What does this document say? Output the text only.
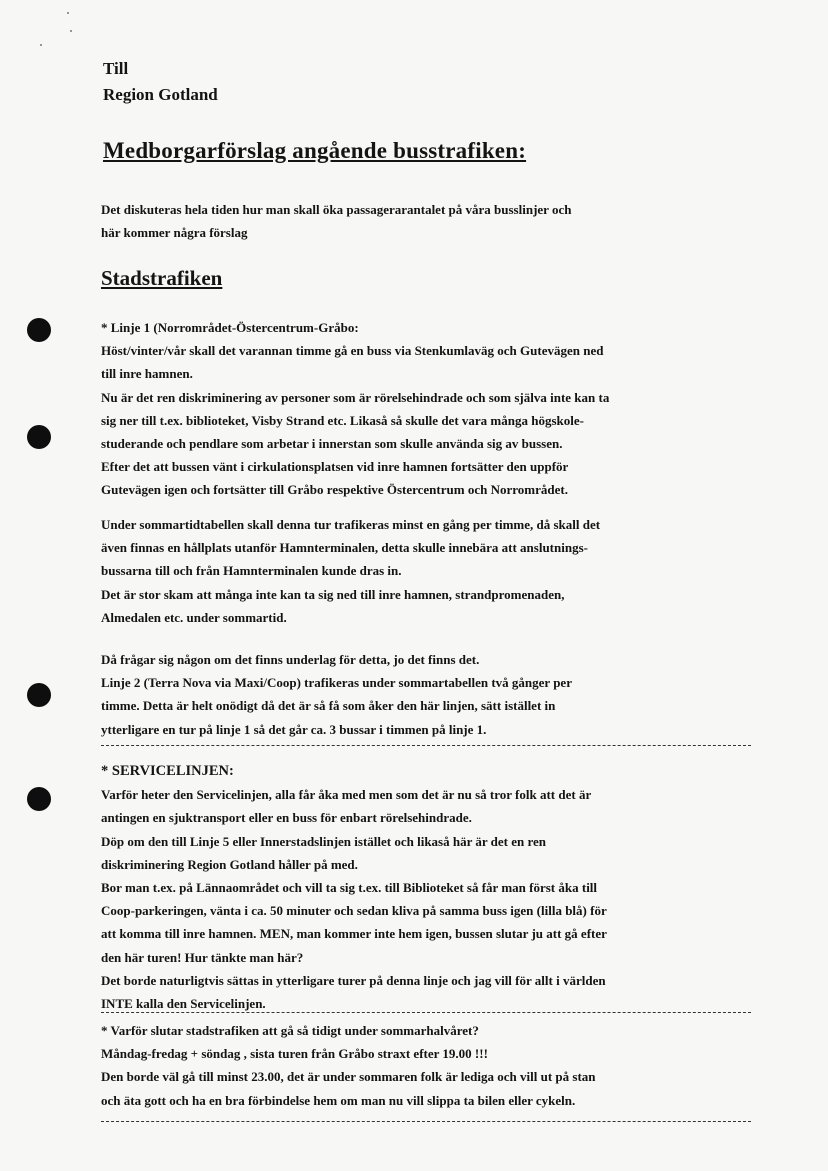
Till
Region Gotland
Medborgarförslag angående busstrafiken:
Det diskuteras hela tiden hur man skall öka passagerarantalet på våra busslinjer och
här kommer några förslag
Stadstrafiken
* Linje 1 (Norrområdet-Östercentrum-Gråbo:
Höst/vinter/vår skall det varannan timme gå en buss via Stenkumlaväg och Gutevägen ned
till inre hamnen.
Nu är det ren diskriminering av personer som är rörelsehindrade och som själva inte kan ta
sig ner till t.ex. biblioteket, Visby Strand etc. Likaså så skulle det vara många högskole-
studerande och pendlare som arbetar i innerstan som skulle använda sig av bussen.
Efter det att bussen vänt i cirkulationsplatsen vid inre hamnen fortsätter den uppför
Gutevägen igen och fortsätter till Gråbo respektive Östercentrum och Norrområdet.
Under sommartidtabellen skall denna tur trafikeras minst en gång per timme, då skall det
även finnas en hållplats utanför Hamnterminalen, detta skulle innebära att anslutnings-
bussarna till och från Hamnterminalen kunde dras in.
Det är stor skam att många inte kan ta sig ned till inre hamnen, strandpromenaden,
Almedalen etc. under sommartid.
Då frågar sig någon om det finns underlag för detta, jo det finns det.
Linje 2 (Terra Nova via Maxi/Coop) trafikeras under sommartabellen två gånger per
timme. Detta är helt onödigt då det är så få som åker den här linjen, sätt istället in
ytterligare en tur på linje 1 så det går ca. 3 bussar i timmen på linje 1.
* SERVICELINJEN:
Varför heter den Servicelinjen, alla får åka med men som det är nu så tror folk att det är
antingen en sjuktransport eller en buss för enbart rörelsehindrade.
Döp om den till Linje 5 eller Innerstadslinjen istället och likaså här är det en ren
diskriminering Region Gotland håller på med.
Bor man t.ex. på Lännaområdet och vill ta sig t.ex. till Biblioteket så får man först åka till
Coop-parkeringen, vänta i ca. 50 minuter och sedan kliva på samma buss igen (lilla blå) för
att komma till inre hamnen. MEN, man kommer inte hem igen, bussen slutar ju att gå efter
den här turen! Hur tänkte man här?
Det borde naturligtvis sättas in ytterligare turer på denna linje och jag vill för allt i världen
INTE kalla den Servicelinjen.
* Varför slutar stadstrafiken att gå så tidigt under sommarhalvåret?
Måndag-fredag + söndag , sista turen från Gråbo straxt efter 19.00 !!!
Den borde väl gå till minst 23.00, det är under sommaren folk är lediga och vill ut på stan
och äta gott och ha en bra förbindelse hem om man nu vill slippa ta bilen eller cykeln.
